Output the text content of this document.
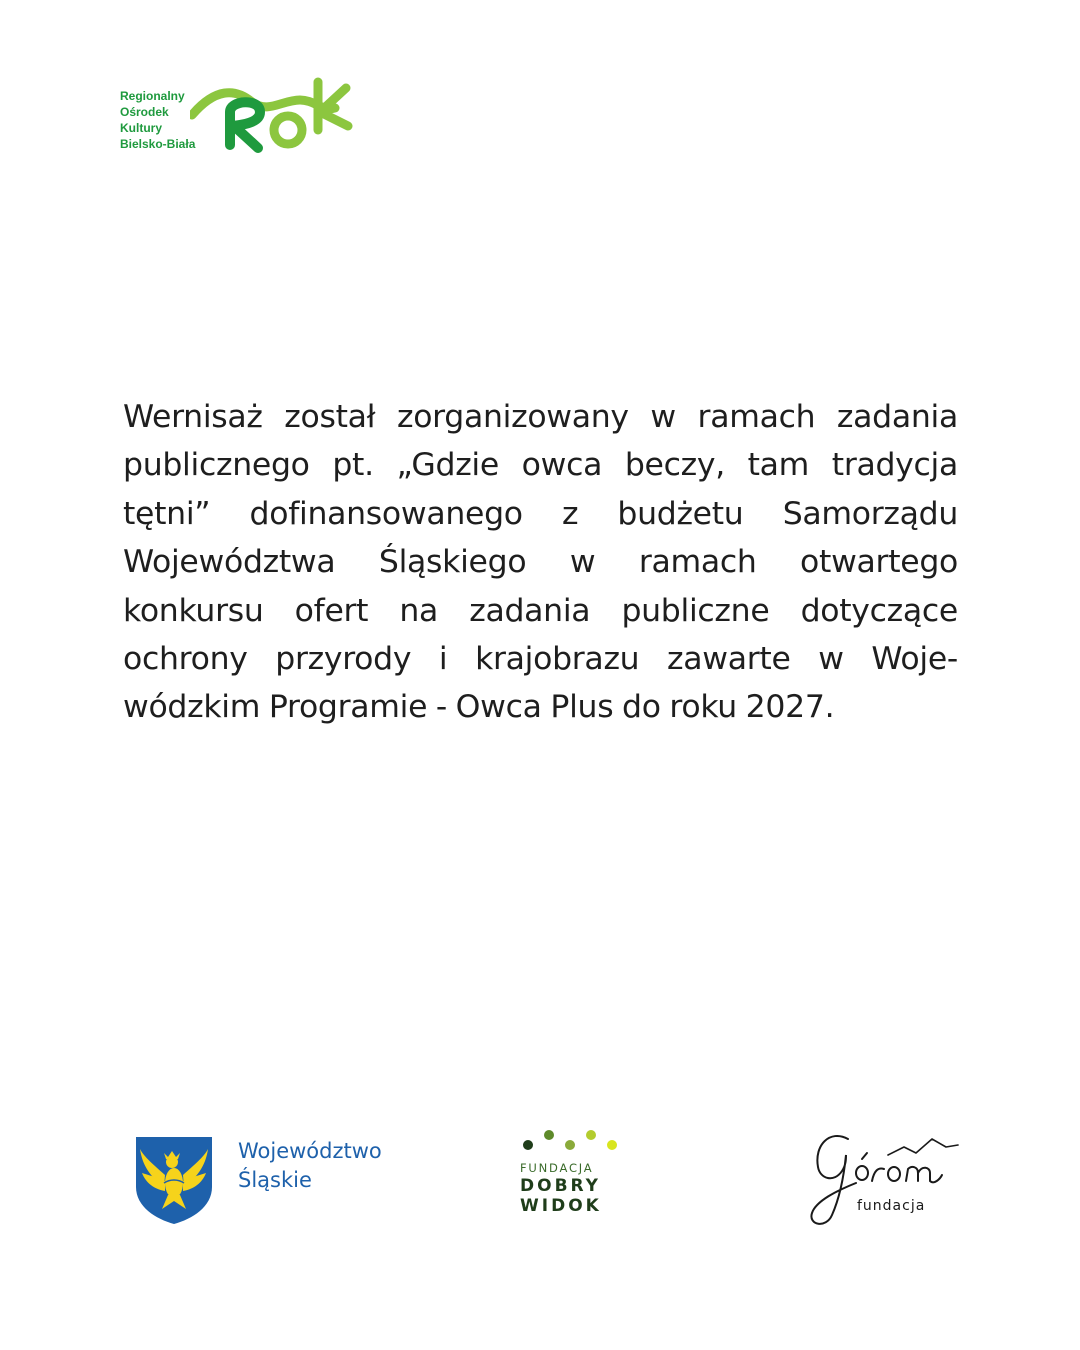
Regionalny
Ośrodek
Kultury
Bielsko-Biała

Wernisaż został zorganizowany w ramach zadania publicznego pt. „Gdzie owca beczy, tam tradycja tętni” dofinansowanego z budżetu Samorządu Województwa Śląskiego w ramach otwartego konkursu ofert na zadania publiczne dotyczące ochrony przyrody i krajobrazu zawarte w Woje-wódzkim Programie - Owca Plus do roku 2027.

Województwo
Śląskie	FUNDACJA
DOBRY
WIDOK	fundacja
